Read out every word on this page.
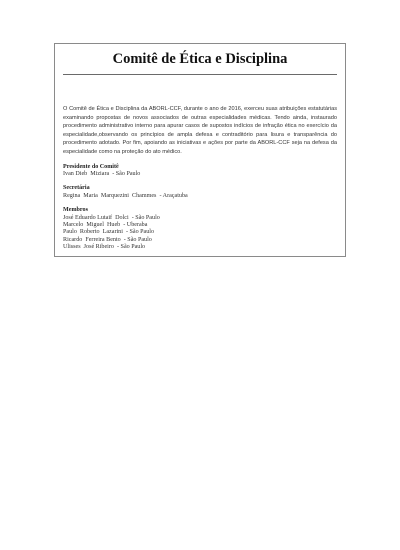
Comitê de Ética e Disciplina

O Comitê de Ética e Disciplina da ABORL-CCF, durante o ano de 2016, exerceu suas atribuições estatutárias examinando propostas de novos associados de outras especialidades médicas. Tendo ainda, instaurado procedimento administrativo interno para apurar casos de supostos indícios de infração ética no exercício da especialidade,observando os princípios de ampla defesa e contraditório para lisura e transparência do procedimento adotado. Por fim, apoiando as iniciativas e ações por parte da ABORL-CCF seja na defesa da especialidade como na proteção do ato médico.

Presidente do Comitê

Ivan Dieb  Miziara  - São Paulo

Secretária

Regina  Maria  Marquezini  Chammes  - Araçatuba

Membros

José Eduardo Lutaif  Dolci  - São Paulo

Marcelo  Miguel  Hueb  - Uberaba

Paulo  Roberto  Lazarini  - São Paulo

Ricardo  Ferreira Bento  - São Paulo

Ulisses  José Ribeiro  - São Paulo
